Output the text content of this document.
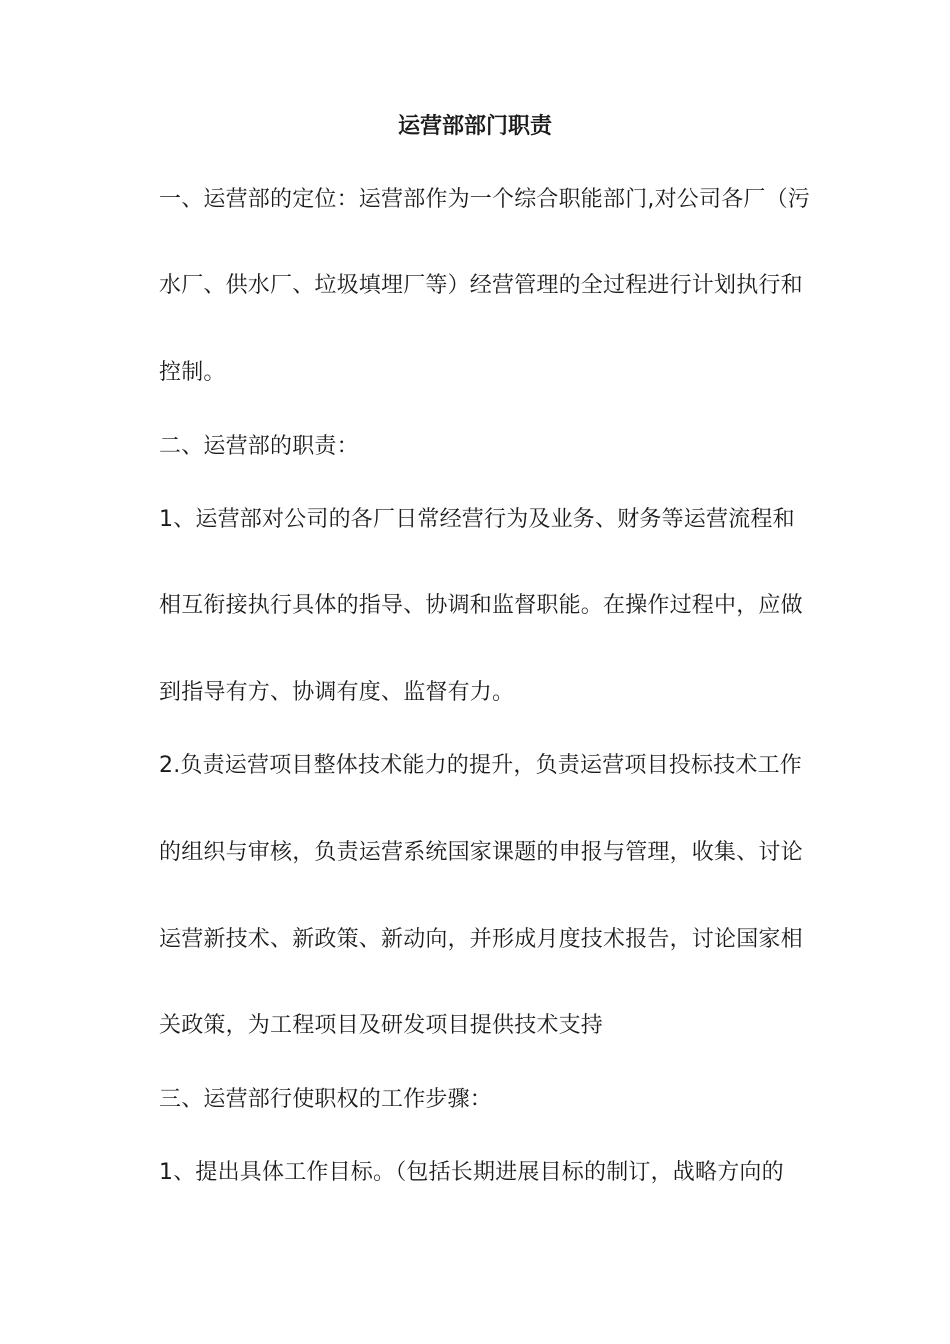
运营部部门职责
一、运营部的定位：运营部作为一个综合职能部门,对公司各厂（污
水厂、供水厂、垃圾填埋厂等）经营管理的全过程进行计划执行和
控制。
二、运营部的职责：
1、运营部对公司的各厂日常经营行为及业务、财务等运营流程和
相互衔接执行具体的指导、协调和监督职能。在操作过程中，应做
到指导有方、协调有度、监督有力。
2.负责运营项目整体技术能力的提升，负责运营项目投标技术工作
的组织与审核，负责运营系统国家课题的申报与管理，收集、讨论
运营新技术、新政策、新动向，并形成月度技术报告，讨论国家相
关政策，为工程项目及研发项目提供技术支持
三、运营部行使职权的工作步骤：
1、提出具体工作目标。（包括长期进展目标的制订，战略方向的
